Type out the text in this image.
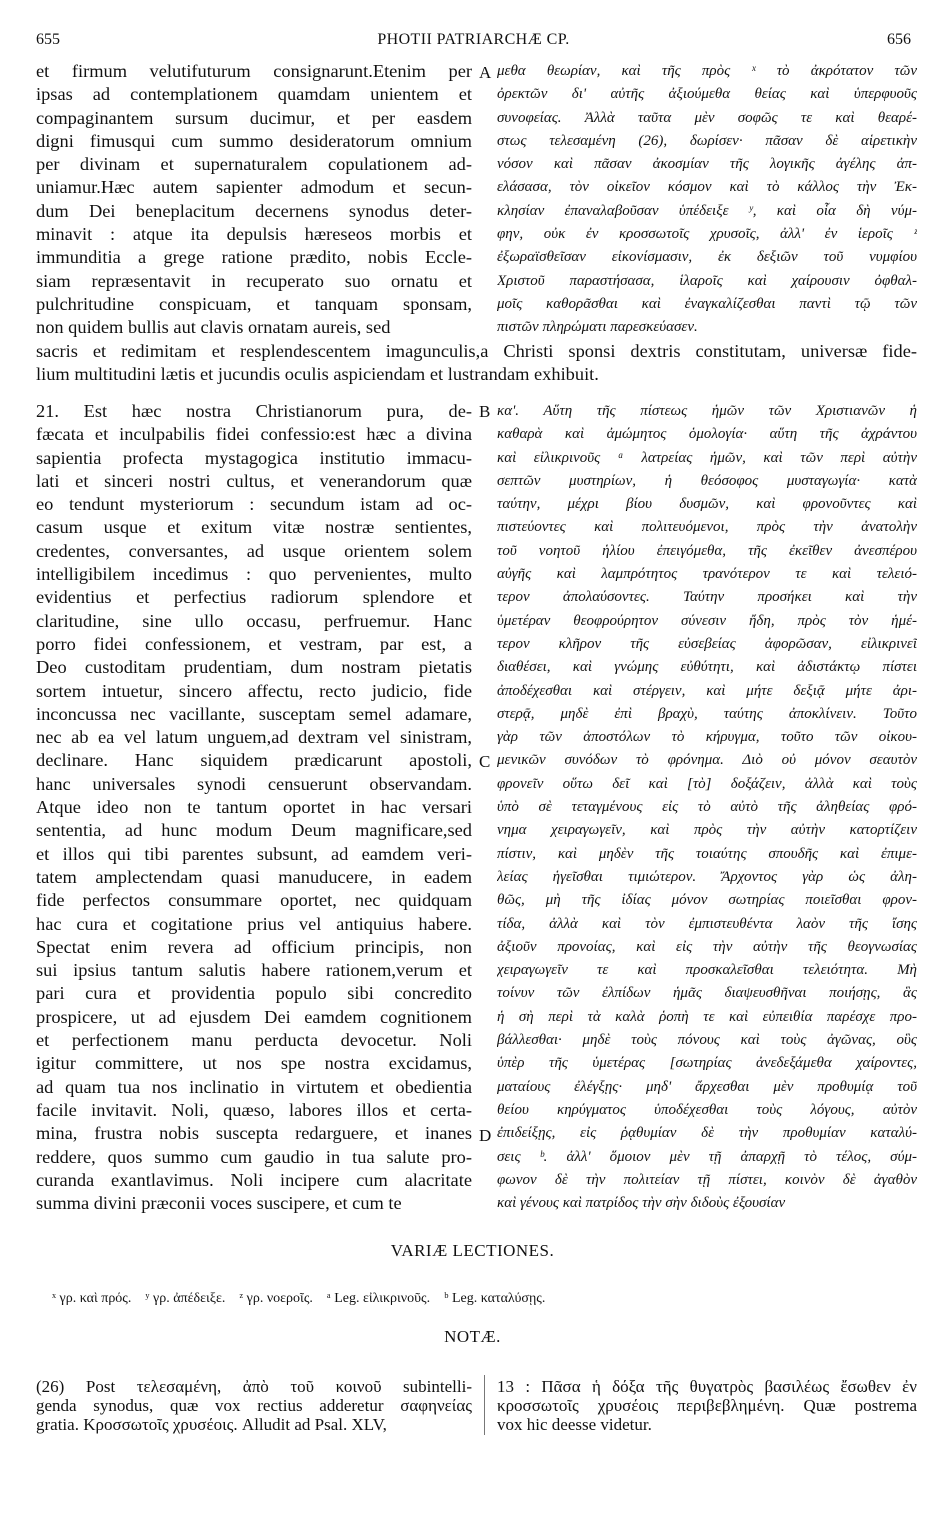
655	PHOTII PATRIARCHÆ CP.	656

et firmum velutifuturum consignarunt.Etenim per

ipsas ad contemplationem quamdam unientem et

compaginantem sursum ducimur, et per easdem

digni fimusqui cum summo desideratorum omnium

per divinam et supernaturalem copulationem ad-

uniamur.Hæc autem sapienter admodum et secun-

dum Dei beneplacitum decernens synodus deter-

minavit : atque ita depulsis hæreseos morbis et

immunditia a grege ratione prædito, nobis Eccle-

siam repræsentavit in recuperato suo ornatu et

pulchritudine conspicuam, et tanquam sponsam,

non quidem bullis aut clavis ornatam aureis, sed

μεθα θεωρίαν, καὶ τῆς πρὸς ˣ τὸ ἀκρότατον τῶν

ὀρεκτῶν δι' αὐτῆς ἀξιούμεθα θείας καὶ ὑπερφυοῦς

συνοφείας. Ἀλλὰ ταῦτα μὲν σοφῶς τε καὶ θεαρέ-

στως τελεσαμένη (26), δωρίσεν· πᾶσαν δὲ αἱρετικὴν

νόσον καὶ πᾶσαν ἀκοσμίαν τῆς λογικῆς ἀγέλης ἀπ-

ελάσασα, τὸν οἰκεῖον κόσμον καὶ τὸ κάλλος τὴν Ἐκ-

κλησίαν ἐπαναλαβοῦσαν ὑπέδειξε ʸ, καὶ οἷα δὴ νύμ-

φην, οὐκ ἐν κροσσωτοῖς χρυσοῖς, ἀλλ' ἐν ἱεροῖς ᶻ

ἐξωραϊσθεῖσαν εἰκονίσμασιν, ἐκ δεξιῶν τοῦ νυμφίου

Χριστοῦ παραστήσασα, ἱλαροῖς καὶ χαίρουσιν ὀφθαλ-

μοῖς καθορᾶσθαι καὶ ἐναγκαλίζεσθαι παντὶ τῷ τῶν

πιστῶν πληρώματι παρεσκεύασεν.

A

sacris et redimitam et resplendescentem imagunculis,a Christi sponsi dextris constitutam, universæ fide-

lium multitudini lætis et jucundis oculis aspiciendam et lustrandam exhibuit.

21. Est hæc nostra Christianorum pura, de-

fæcata et inculpabilis fidei confessio:est hæc a divina

sapientia profecta mystagogica institutio immacu-

lati et sinceri nostri cultus, et venerandorum quæ

eo tendunt mysteriorum : secundum istam ad oc-

casum usque et exitum vitæ nostræ sentientes,

credentes, conversantes, ad usque orientem solem

intelligibilem incedimus : quo pervenientes, multo

evidentius et perfectius radiorum splendore et

claritudine, sine ullo occasu, perfruemur. Hanc

porro fidei confessionem, et vestram, par est, a

Deo custoditam prudentiam, dum nostram pietatis

sortem intuetur, sincero affectu, recto judicio, fide

inconcussa nec vacillante, susceptam semel adamare,

nec ab ea vel latum unguem,ad dextram vel sinistram,

declinare. Hanc siquidem prædicarunt apostoli,

hanc universales synodi censuerunt observandam.

Atque ideo non te tantum oportet in hac versari

sententia, ad hunc modum Deum magnificare,sed

et illos qui tibi parentes subsunt, ad eamdem veri-

tatem amplectendam quasi manuducere, in eadem

fide perfectos consummare oportet, nec quidquam

hac cura et cogitatione prius vel antiquius habere.

Spectat enim revera ad officium principis, non

sui ipsius tantum salutis habere rationem,verum et

pari cura et providentia populo sibi concredito

prospicere, ut ad ejusdem Dei eamdem cognitionem

et perfectionem manu perducta devocetur. Noli

igitur committere, ut nos spe nostra excidamus,

ad quam tua nos inclinatio in virtutem et obedientia

facile invitavit. Noli, quæso, labores illos et certa-

mina, frustra nobis suscepta redarguere, et inanes

reddere, quos summo cum gaudio in tua salute pro-

curanda exantlavimus. Noli incipere cum alacritate

summa divini præconii voces suscipere, et cum te

κα'. Αὕτη τῆς πίστεως ἡμῶν τῶν Χριστιανῶν ἡ

καθαρὰ καὶ ἀμώμητος ὁμολογία· αὕτη τῆς ἀχράντου

καὶ εἰλικρινοῦς ᵃ λατρείας ἡμῶν, καὶ τῶν περὶ αὐτὴν

σεπτῶν μυστηρίων, ἡ θεόσοφος μυσταγωγία· κατὰ

ταύτην, μέχρι βίου δυσμῶν, καὶ φρονοῦντες καὶ

πιστεύοντες καὶ πολιτευόμενοι, πρὸς τὴν ἀνατολὴν

τοῦ νοητοῦ ἡλίου ἐπειγόμεθα, τῆς ἐκεῖθεν ἀνεσπέρου

αὐγῆς καὶ λαμπρότητος τρανότερον τε καὶ τελειό-

τερον ἀπολαύσοντες. Ταύτην προσήκει καὶ τὴν

ὑμετέραν θεοφρούρητον σύνεσιν ἤδη, πρὸς τὸν ἡμέ-

τερον κλῆρον τῆς εὐσεβείας ἀφορῶσαν, εἰλικρινεῖ

διαθέσει, καὶ γνώμης εὐθύτητι, καὶ ἀδιστάκτῳ πίστει

ἀποδέχεσθαι καὶ στέργειν, καὶ μήτε δεξιᾷ μήτε ἀρι-

στερᾷ, μηδὲ ἐπὶ βραχὺ, ταύτης ἀποκλίνειν. Τοῦτο

γὰρ τῶν ἀποστόλων τὸ κήρυγμα, τοῦτο τῶν οἰκου-

μενικῶν συνόδων τὸ φρόνημα. Διὸ οὐ μόνον σεαυτὸν

φρονεῖν οὕτω δεῖ καὶ [τὸ] δοξάζειν, ἀλλὰ καὶ τοὺς

ὑπὸ σὲ τεταγμένους εἰς τὸ αὐτὸ τῆς ἀληθείας φρό-

νημα χειραγωγεῖν, καὶ πρὸς τὴν αὐτὴν κατορτίζειν

πίστιν, καὶ μηδὲν τῆς τοιαύτης σπουδῆς καὶ ἐπιμε-

λείας ἡγεῖσθαι τιμιώτερον. Ἄρχοντος γὰρ ὡς ἀλη-

θῶς, μὴ τῆς ἰδίας μόνον σωτηρίας ποιεῖσθαι φρον-

τίδα, ἀλλὰ καὶ τὸν ἐμπιστευθέντα λαὸν τῆς ἴσης

ἀξιοῦν προνοίας, καὶ εἰς τὴν αὐτὴν τῆς θεογνωσίας

χειραγωγεῖν τε καὶ προσκαλεῖσθαι τελειότητα. Μὴ

τοίνυν τῶν ἐλπίδων ἡμᾶς διαψευσθῆναι ποιήσῃς, ἃς

ἡ σὴ περὶ τὰ καλὰ ῥοπὴ τε καὶ εὐπειθία παρέσχε προ-

βάλλεσθαι· μηδὲ τοὺς πόνους καὶ τοὺς ἀγῶνας, οὓς

ὑπὲρ τῆς ὑμετέρας [σωτηρίας ἀνεδεξάμεθα χαίροντες,

ματαίους ἐλέγξῃς· μηδ' ἄρχεσθαι μὲν προθυμίᾳ τοῦ

θείου κηρύγματος ὑποδέχεσθαι τοὺς λόγους, αὐτὸν

ἐπιδείξῃς, εἰς ῥᾳθυμίαν δὲ τὴν προθυμίαν καταλύ-

σεις ᵇ. ἀλλ' ὅμοιον μὲν τῇ ἀπαρχῇ τὸ τέλος, σύμ-

φωνον δὲ τὴν πολιτείαν τῇ πίστει, κοινὸν δὲ ἀγαθὸν

καὶ γένους καὶ πατρίδος τὴν σὴν διδοὺς ἐξουσίαν

B
C
D
VARIÆ LECTIONES.
ˣ γρ. καὶ πρός. ʸ γρ. ἀπέδειξε. ᶻ γρ. νοεροῖς. ᵃ Leg. εἰλικρινοῦς. ᵇ Leg. καταλύσῃς.
NOTÆ.

(26) Post τελεσαμένη, ἀπὸ τοῦ κοινοῦ subintelli-

genda synodus, quæ vox rectius adderetur σαφηνείας

gratia. Κροσσωτοῖς χρυσέοις. Alludit ad Psal. XLV,

13 : Πᾶσα ἡ δόξα τῆς θυγατρὸς βασιλέως ἔσωθεν ἐν

κροσσωτοῖς χρυσέοις περιβεβλημένη. Quæ postrema

vox hic deesse videtur.
